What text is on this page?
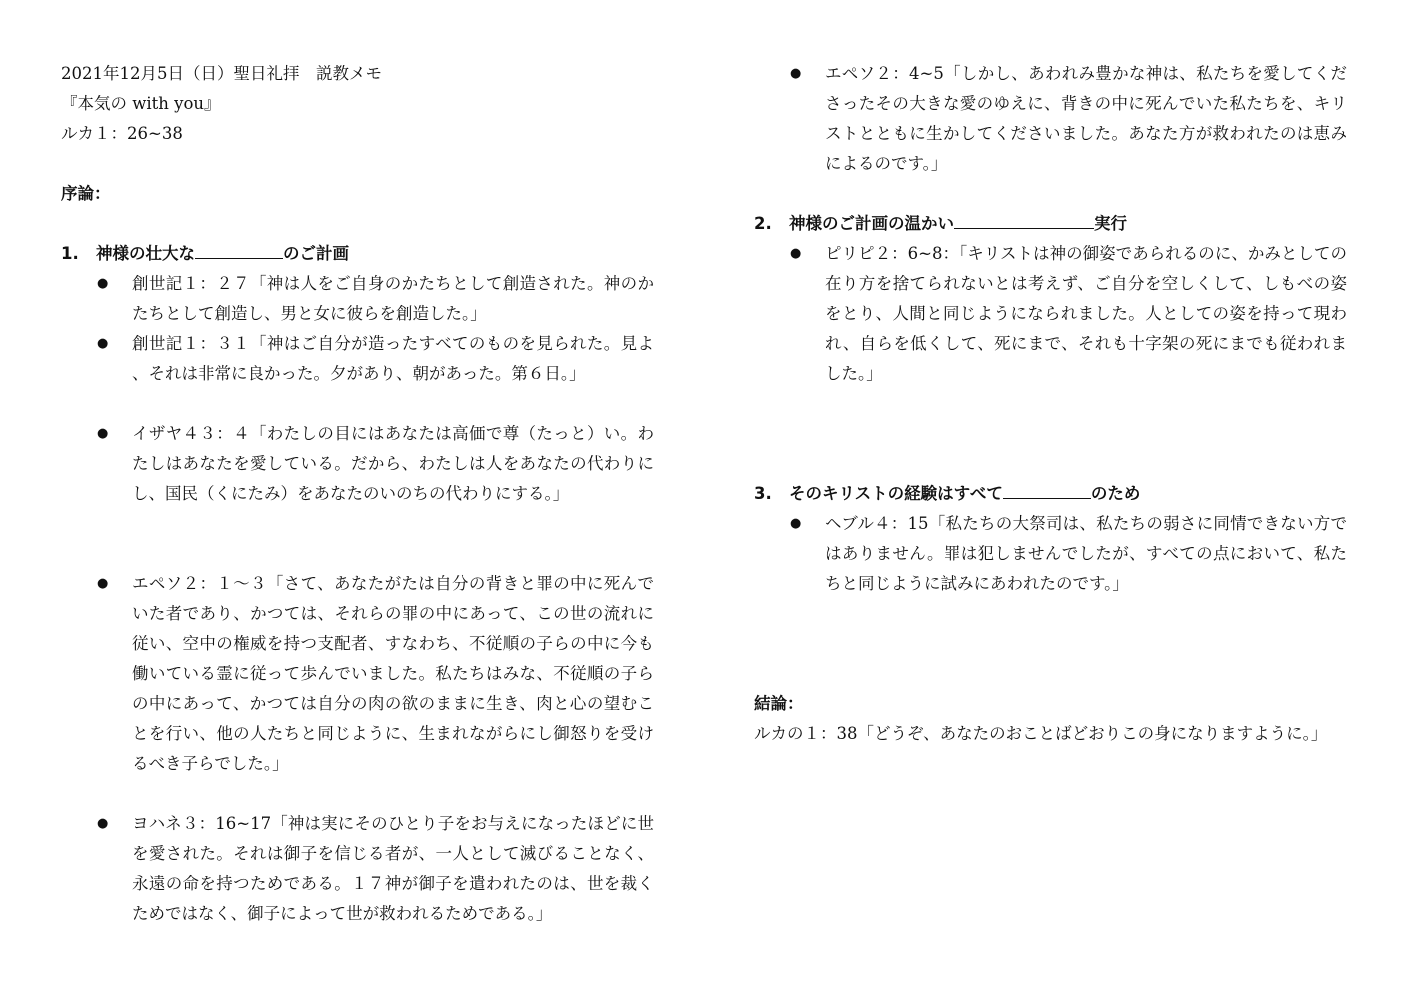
2021年12月5日（日）聖日礼拝　説教メモ
『本気の with you』
ルカ１：26~38
序論：
1. 神様の壮大な	のご計画
● 創世記１：２７「神は人をご自身のかたちとして創造された。神のかたちとして創造し、男と女に彼らを創造した。」
● 創世記１：３１「神はご自分が造ったすべてのものを見られた。見よ、それは非常に良かった。夕があり、朝があった。第６日。」
● イザヤ４３：４「わたしの目にはあなたは高価で尊（たっと）い。わたしはあなたを愛している。だから、わたしは人をあなたの代わりにし、国民（くにたみ）をあなたのいのちの代わりにする。」
● エペソ２：１～３「さて、あなたがたは自分の背きと罪の中に死んでいた者であり、かつては、それらの罪の中にあって、この世の流れに従い、空中の権威を持つ支配者、すなわち、不従順の子らの中に今も働いている霊に従って歩んでいました。私たちはみな、不従順の子らの中にあって、かつては自分の肉の欲のままに生き、肉と心の望むことを行い、他の人たちと同じように、生まれながらにし御怒りを受けるべき子らでした。」
● ヨハネ３：16~17「神は実にそのひとり子をお与えになったほどに世を愛された。それは御子を信じる者が、一人として滅びることなく、永遠の命を持つためである。１７神が御子を遣われたのは、世を裁くためではなく、御子によって世が救われるためである。」
● エペソ２：4~5「しかし、あわれみ豊かな神は、私たちを愛してくださったその大きな愛のゆえに、背きの中に死んでいた私たちを、キリストとともに生かしてくださいました。あなた方が救われたのは恵みによるのです。」
2. 神様のご計画の温かい	実行
● ピリピ２：6~8：「キリストは神の御姿であられるのに、かみとしての在り方を捨てられないとは考えず、ご自分を空しくして、しもべの姿をとり、人間と同じようになられました。人としての姿を持って現われ、自らを低くして、死にまで、それも十字架の死にまでも従われました。」
3. そのキリストの経験はすべて	のため
● ヘブル４：15「私たちの大祭司は、私たちの弱さに同情できない方ではありません。罪は犯しませんでしたが、すべての点において、私たちと同じように試みにあわれたのです。」
結論：
ルカの１：38「どうぞ、あなたのおことばどおりこの身になりますように。」
